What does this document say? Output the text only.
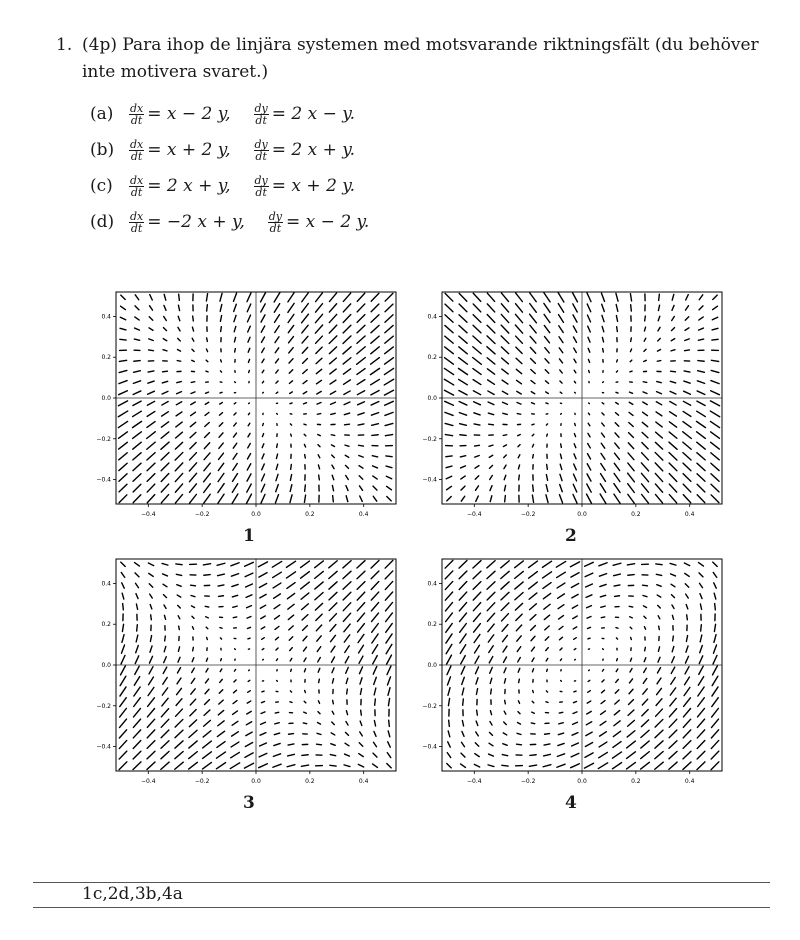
1. (4p) Para ihop de linjära systemen med motsvarande riktningsfält (du behöver inte motivera svaret.)
(a)	$\frac{dx}{dt} = x - 2$ y, $\frac{dy}{dt} = 2$ x − y.
(b)	$\frac{dx}{dt} = x + 2$ y, $\frac{dy}{dt} = 2$ x + y.
(c)	$\frac{dx}{dt} = 2$ x + y, $\frac{dy}{dt} = x + 2$ y.
(d)	$\frac{dx}{dt} = -2$ x + y, $\frac{dy}{dt} = x - 2$ y.
−0.4	−0.2	0.0	0.2	0.4
0.4
0.2
0.0
−0.2
−0.4
1
−0.4	−0.2	0.0	0.2	0.4
0.4
0.2
0.0
−0.2
−0.4
2
−0.4	−0.2	0.0	0.2	0.4
0.4
0.2
0.0
−0.2
−0.4
3
−0.4	−0.2	0.0	0.2	0.4
0.4
0.2
0.0
−0.2
−0.4
4
1c,2d,3b,4a
